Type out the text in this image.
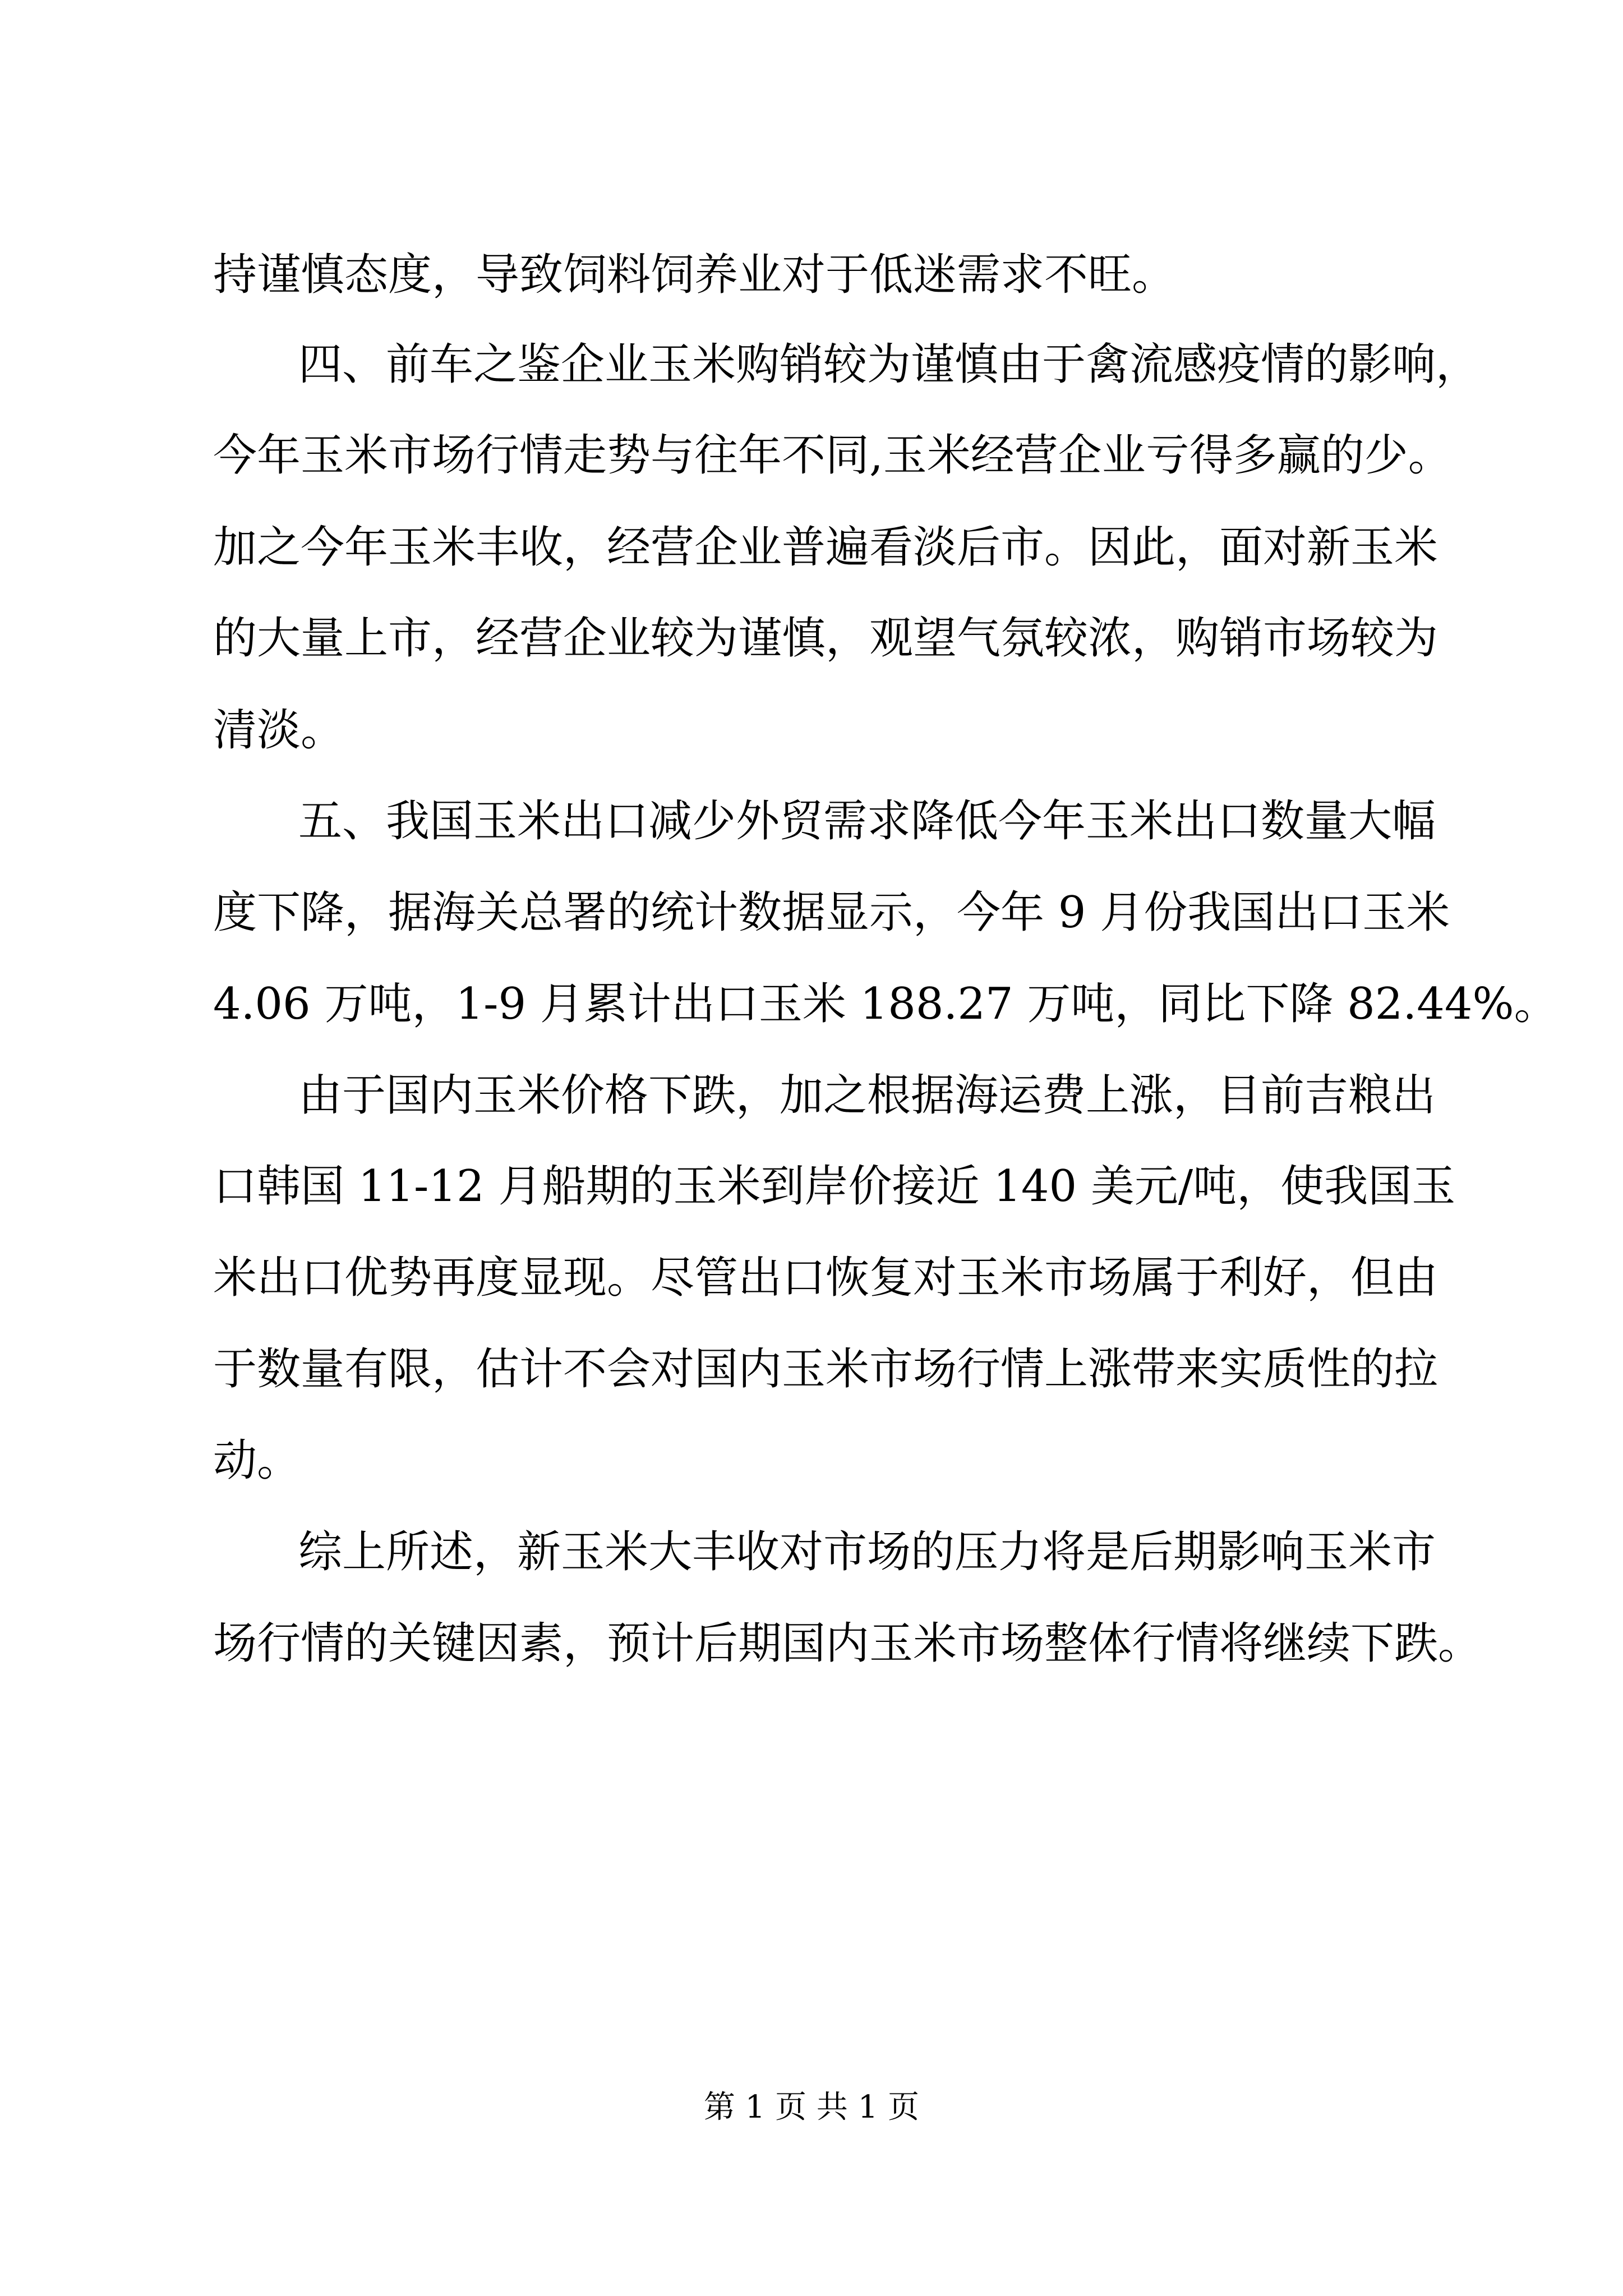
持谨慎态度，导致饲料饲养业对于低迷需求不旺。
四、前车之鉴企业玉米购销较为谨慎由于禽流感疫情的影响，
今年玉米市场行情走势与往年不同,玉米经营企业亏得多赢的少。
加之今年玉米丰收，经营企业普遍看淡后市。因此，面对新玉米
的大量上市，经营企业较为谨慎，观望气氛较浓，购销市场较为
清淡。
五、我国玉米出口减少外贸需求降低今年玉米出口数量大幅
度下降，据海关总署的统计数据显示，今年 9 月份我国出口玉米
4.06 万吨，1-9 月累计出口玉米 188.27 万吨，同比下降 82.44%。
由于国内玉米价格下跌，加之根据海运费上涨，目前吉粮出
口韩国 11-12 月船期的玉米到岸价接近 140 美元/吨，使我国玉
米出口优势再度显现。尽管出口恢复对玉米市场属于利好，但由
于数量有限，估计不会对国内玉米市场行情上涨带来实质性的拉
动。
综上所述，新玉米大丰收对市场的压力将是后期影响玉米市
场行情的关键因素，预计后期国内玉米市场整体行情将继续下跌。
第 1 页 共 1 页
